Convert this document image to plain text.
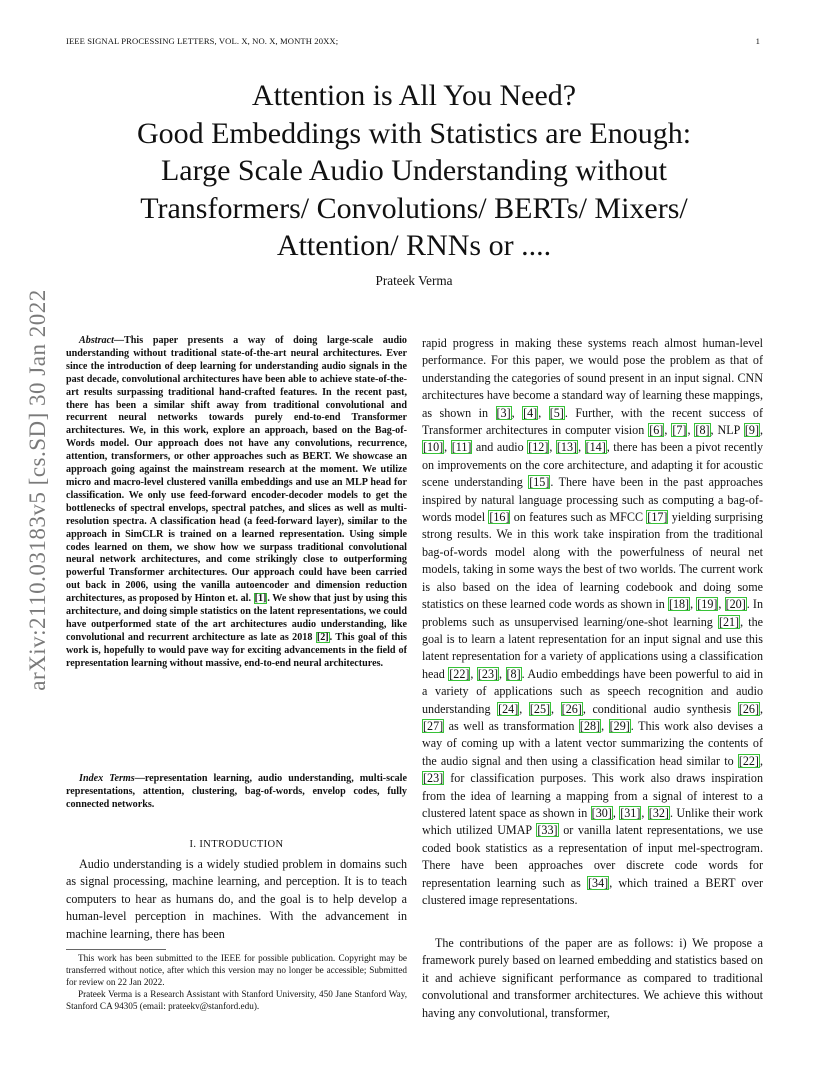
IEEE SIGNAL PROCESSING LETTERS, VOL. X, NO. X, MONTH 20XX;	1
arXiv:2110.03183v5 [cs.SD] 30 Jan 2022
Attention is All You Need?
Good Embeddings with Statistics are Enough:
Large Scale Audio Understanding without
Transformers/ Convolutions/ BERTs/ Mixers/
Attention/ RNNs or ....
Prateek Verma

Abstract—This paper presents a way of doing large-scale audio understanding without traditional state-of-the-art neural architectures. Ever since the introduction of deep learning for understanding audio signals in the past decade, convolutional architectures have been able to achieve state-of-the-art results surpassing traditional hand-crafted features. In the recent past, there has been a similar shift away from traditional convolutional and recurrent neural networks towards purely end-to-end Transformer architectures. We, in this work, explore an approach, based on the Bag-of-Words model. Our approach does not have any convolutions, recurrence, attention, transformers, or other approaches such as BERT. We showcase an approach going against the mainstream research at the moment. We utilize micro and macro-level clustered vanilla embeddings and use an MLP head for classification. We only use feed-forward encoder-decoder models to get the bottlenecks of spectral envelops, spectral patches, and slices as well as multi-resolution spectra. A classification head (a feed-forward layer), similar to the approach in SimCLR is trained on a learned representation. Using simple codes learned on them, we show how we surpass traditional convolutional neural network architectures, and come strikingly close to outperforming powerful Transformer architectures. Our approach could have been carried out back in 2006, using the vanilla autoencoder and dimension reduction architectures, as proposed by Hinton et. al. [1]. We show that just by using this architecture, and doing simple statistics on the latent representations, we could have outperformed state of the art architectures audio understanding, like convolutional and recurrent architecture as late as 2018 [2]. This goal of this work is, hopefully to would pave way for exciting advancements in the field of representation learning without massive, end-to-end neural architectures.

Index Terms—representation learning, audio understanding, multi-scale representations, attention, clustering, bag-of-words, envelop codes, fully connected networks.

I. INTRODUCTION

Audio understanding is a widely studied problem in domains such as signal processing, machine learning, and perception. It is to teach computers to hear as humans do, and the goal is to help develop a human-level perception in machines. With the advancement in machine learning, there has been

This work has been submitted to the IEEE for possible publication. Copyright may be transferred without notice, after which this version may no longer be accessible; Submitted for review on 22 Jan 2022.

Prateek Verma is a Research Assistant with Stanford University, 450 Jane Stanford Way, Stanford CA 94305 (email: prateekv@stanford.edu).

rapid progress in making these systems reach almost human-level performance. For this paper, we would pose the problem as that of understanding the categories of sound present in an input signal. CNN architectures have become a standard way of learning these mappings, as shown in [3], [4], [5]. Further, with the recent success of Transformer architectures in computer vision [6], [7], [8], NLP [9], [10], [11] and audio [12], [13], [14], there has been a pivot recently on improvements on the core architecture, and adapting it for acoustic scene understanding [15]. There have been in the past approaches inspired by natural language processing such as computing a bag-of-words model [16] on features such as MFCC [17] yielding surprising strong results. We in this work take inspiration from the traditional bag-of-words model along with the powerfulness of neural net models, taking in some ways the best of two worlds. The current work is also based on the idea of learning codebook and doing some statistics on these learned code words as shown in [18], [19], [20]. In problems such as unsupervised learning/one-shot learning [21], the goal is to learn a latent representation for an input signal and use this latent representation for a variety of applications using a classification head [22], [23], [8]. Audio embeddings have been powerful to aid in a variety of applications such as speech recognition and audio understanding [24], [25], [26], conditional audio synthesis [26], [27] as well as transformation [28], [29]. This work also devises a way of coming up with a latent vector summarizing the contents of the audio signal and then using a classification head similar to [22], [23] for classification purposes. This work also draws inspiration from the idea of learning a mapping from a signal of interest to a clustered latent space as shown in [30], [31], [32]. Unlike their work which utilized UMAP [33] or vanilla latent representations, we use coded book statistics as a representation of input mel-spectrogram. There have been approaches over discrete code words for representation learning such as [34], which trained a BERT over clustered image representations.

The contributions of the paper are as follows: i) We propose a framework purely based on learned embedding and statistics based on it and achieve significant performance as compared to traditional convolutional and transformer architectures. We achieve this without having any convolutional, transformer,
